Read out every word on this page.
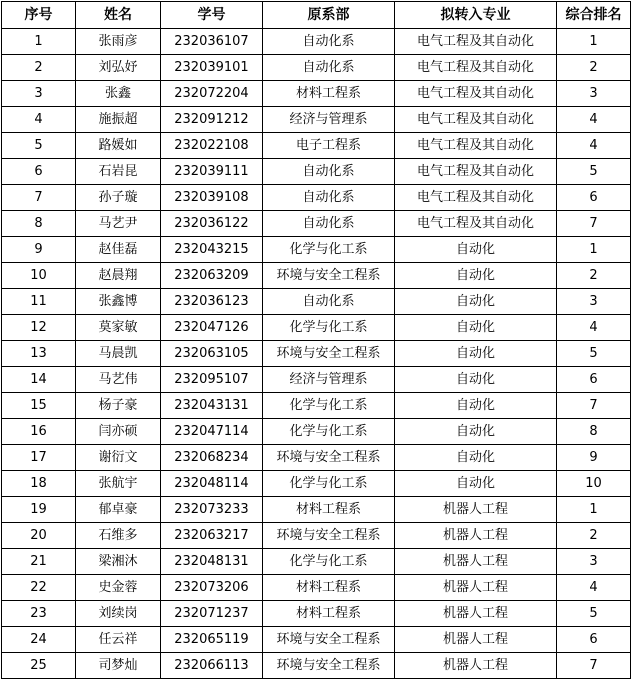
序号	姓名	学号	原系部	拟转入专业	综合排名
1	张雨彦	232036107	自动化系	电气工程及其自动化	1
2	刘弘妤	232039101	自动化系	电气工程及其自动化	2
3	张鑫	232072204	材料工程系	电气工程及其自动化	3
4	施振超	232091212	经济与管理系	电气工程及其自动化	4
5	路媛如	232022108	电子工程系	电气工程及其自动化	4
6	石岩昆	232039111	自动化系	电气工程及其自动化	5
7	孙子璇	232039108	自动化系	电气工程及其自动化	6
8	马艺尹	232036122	自动化系	电气工程及其自动化	7
9	赵佳磊	232043215	化学与化工系	自动化	1
10	赵晨翔	232063209	环境与安全工程系	自动化	2
11	张鑫博	232036123	自动化系	自动化	3
12	莫家敏	232047126	化学与化工系	自动化	4
13	马晨凯	232063105	环境与安全工程系	自动化	5
14	马艺伟	232095107	经济与管理系	自动化	6
15	杨子豪	232043131	化学与化工系	自动化	7
16	闫亦硕	232047114	化学与化工系	自动化	8
17	谢衍文	232068234	环境与安全工程系	自动化	9
18	张航宇	232048114	化学与化工系	自动化	10
19	郁卓豪	232073233	材料工程系	机器人工程	1
20	石维多	232063217	环境与安全工程系	机器人工程	2
21	梁湘沐	232048131	化学与化工系	机器人工程	3
22	史金蓉	232073206	材料工程系	机器人工程	4
23	刘续岗	232071237	材料工程系	机器人工程	5
24	任云祥	232065119	环境与安全工程系	机器人工程	6
25	司梦灿	232066113	环境与安全工程系	机器人工程	7
